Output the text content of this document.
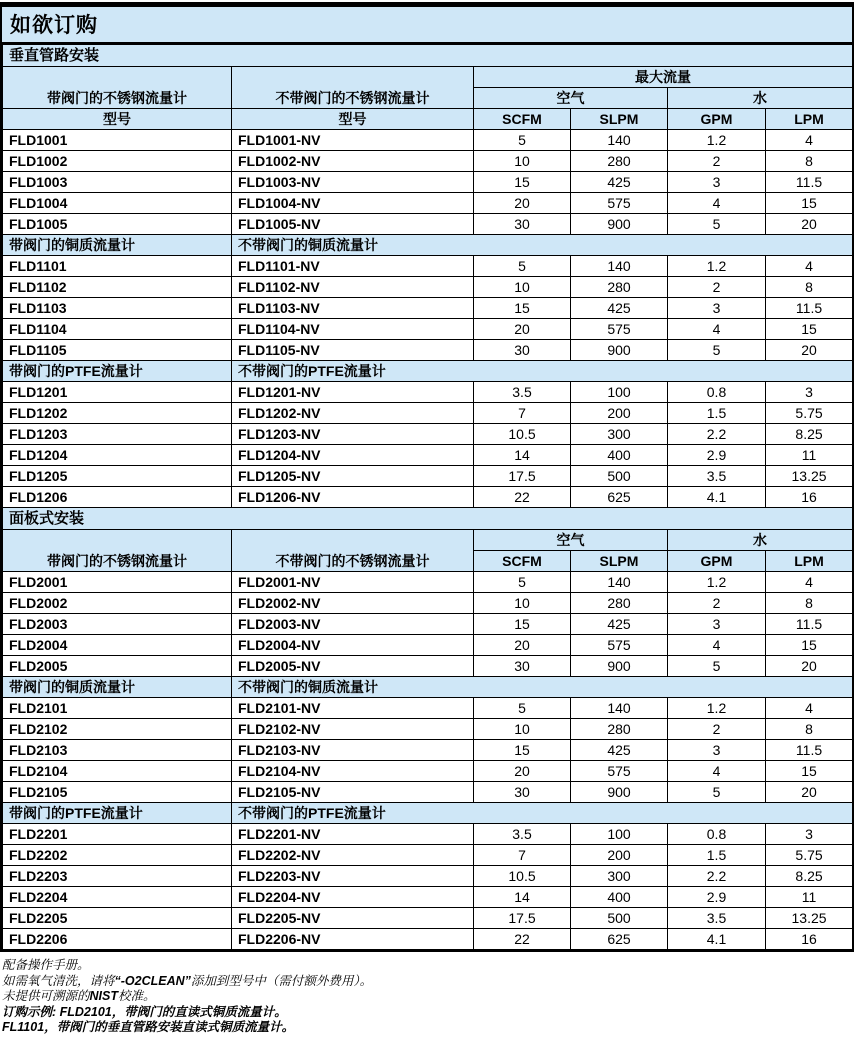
如欲订购
垂直管路安装					
带阀门的不锈钢流量计	不带阀门的不锈钢流量计	最大流量			
		空气		水	
型号	型号	SCFM	SLPM	GPM	LPM
FLD1001	FLD1001-NV	5	140	1.2	4
FLD1002	FLD1002-NV	10	280	2	8
FLD1003	FLD1003-NV	15	425	3	11.5
FLD1004	FLD1004-NV	20	575	4	15
FLD1005	FLD1005-NV	30	900	5	20
带阀门的铜质流量计	不带阀门的铜质流量计				
FLD1101	FLD1101-NV	5	140	1.2	4
FLD1102	FLD1102-NV	10	280	2	8
FLD1103	FLD1103-NV	15	425	3	11.5
FLD1104	FLD1104-NV	20	575	4	15
FLD1105	FLD1105-NV	30	900	5	20
带阀门的PTFE流量计	不带阀门的PTFE流量计				
FLD1201	FLD1201-NV	3.5	100	0.8	3
FLD1202	FLD1202-NV	7	200	1.5	5.75
FLD1203	FLD1203-NV	10.5	300	2.2	8.25
FLD1204	FLD1204-NV	14	400	2.9	11
FLD1205	FLD1205-NV	17.5	500	3.5	13.25
FLD1206	FLD1206-NV	22	625	4.1	16
面板式安装					
带阀门的不锈钢流量计	不带阀门的不锈钢流量计	空气		水	
		SCFM	SLPM	GPM	LPM
FLD2001	FLD2001-NV	5	140	1.2	4
FLD2002	FLD2002-NV	10	280	2	8
FLD2003	FLD2003-NV	15	425	3	11.5
FLD2004	FLD2004-NV	20	575	4	15
FLD2005	FLD2005-NV	30	900	5	20
带阀门的铜质流量计	不带阀门的铜质流量计				
FLD2101	FLD2101-NV	5	140	1.2	4
FLD2102	FLD2102-NV	10	280	2	8
FLD2103	FLD2103-NV	15	425	3	11.5
FLD2104	FLD2104-NV	20	575	4	15
FLD2105	FLD2105-NV	30	900	5	20
带阀门的PTFE流量计	不带阀门的PTFE流量计				
FLD2201	FLD2201-NV	3.5	100	0.8	3
FLD2202	FLD2202-NV	7	200	1.5	5.75
FLD2203	FLD2203-NV	10.5	300	2.2	8.25
FLD2204	FLD2204-NV	14	400	2.9	11
FLD2205	FLD2205-NV	17.5	500	3.5	13.25
FLD2206	FLD2206-NV	22	625	4.1	16
配备操作手册。
如需氧气清洗，请将“-O2CLEAN”添加到型号中（需付额外费用）。
未提供可溯源的NIST校准。
订购示例: FLD2101，带阀门的直读式铜质流量计。
FL1101，带阀门的垂直管路安装直读式铜质流量计。
